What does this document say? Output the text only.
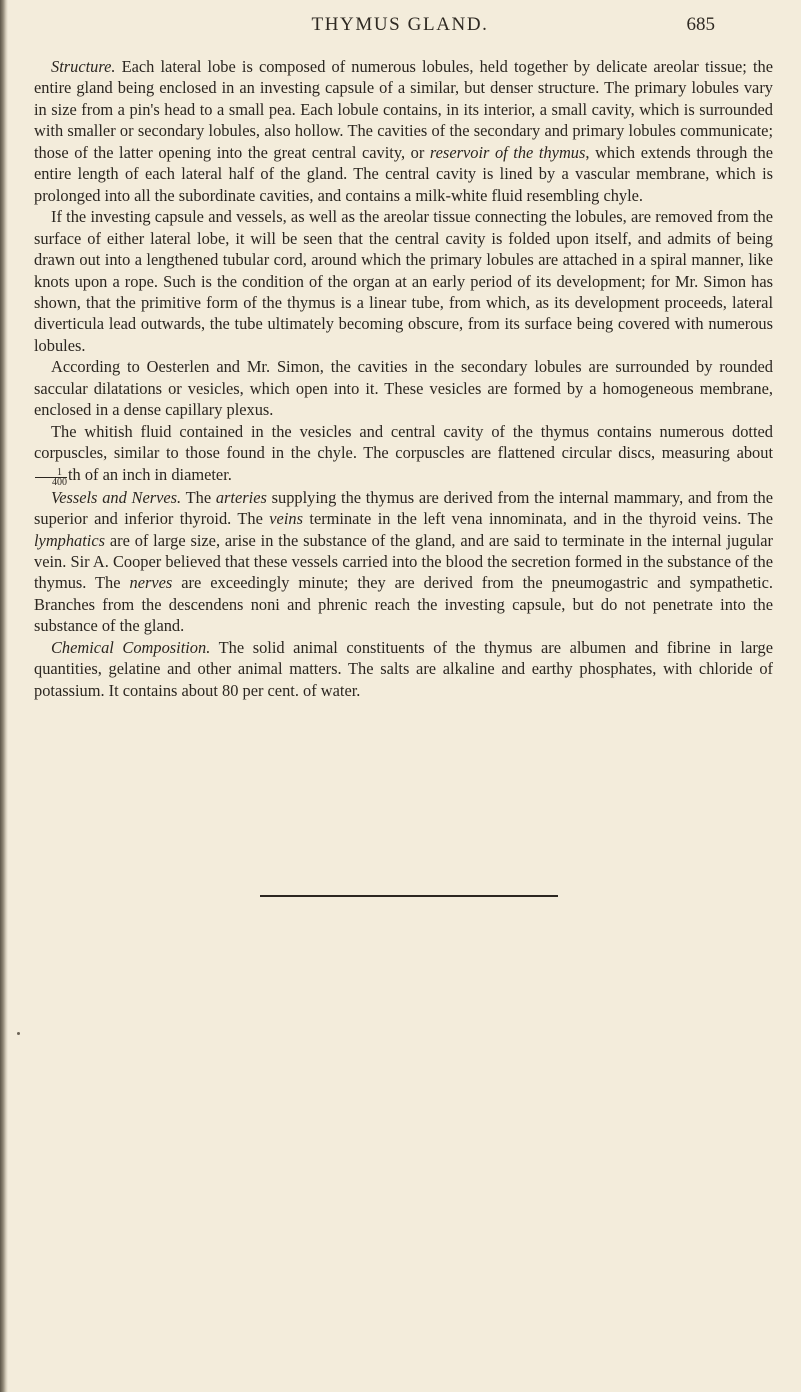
THYMUS GLAND.	685

Structure. Each lateral lobe is composed of numerous lobules, held together by delicate areolar tissue; the entire gland being enclosed in an investing capsule of a similar, but denser structure. The primary lobules vary in size from a pin's head to a small pea. Each lobule contains, in its interior, a small cavity, which is surrounded with smaller or secondary lobules, also hollow. The cavities of the secondary and primary lobules communicate; those of the latter opening into the great central cavity, or reservoir of the thymus, which extends through the entire length of each lateral half of the gland. The central cavity is lined by a vascular membrane, which is prolonged into all the subordinate cavities, and contains a milk-white fluid resembling chyle.

If the investing capsule and vessels, as well as the areolar tissue connecting the lobules, are removed from the surface of either lateral lobe, it will be seen that the central cavity is folded upon itself, and admits of being drawn out into a lengthened tubular cord, around which the primary lobules are attached in a spiral manner, like knots upon a rope. Such is the condition of the organ at an early period of its development; for Mr. Simon has shown, that the primitive form of the thymus is a linear tube, from which, as its development proceeds, lateral diverticula lead outwards, the tube ultimately becoming obscure, from its surface being covered with numerous lobules.

According to Oesterlen and Mr. Simon, the cavities in the secondary lobules are surrounded by rounded saccular dilatations or vesicles, which open into it. These vesicles are formed by a homogeneous membrane, enclosed in a dense capillary plexus.

The whitish fluid contained in the vesicles and central cavity of the thymus contains numerous dotted corpuscles, similar to those found in the chyle. The corpuscles are flattened circular discs, measuring about
$\frac{1}{400}$ th of an inch in diameter.

Vessels and Nerves. The arteries supplying the thymus are derived from the internal mammary, and from the superior and inferior thyroid. The veins terminate in the left vena innominata, and in the thyroid veins. The lymphatics are of large size, arise in the substance of the gland, and are said to terminate in the internal jugular vein. Sir A. Cooper believed that these vessels carried into the blood the secretion formed in the substance of the thymus. The nerves are exceedingly minute; they are derived from the pneumogastric and sympathetic. Branches from the descendens noni and phrenic reach the investing capsule, but do not penetrate into the substance of the gland.

Chemical Composition. The solid animal constituents of the thymus are albumen and fibrine in large quantities, gelatine and other animal matters. The salts are alkaline and earthy phosphates, with chloride of potassium. It contains about 80 per cent. of water.
